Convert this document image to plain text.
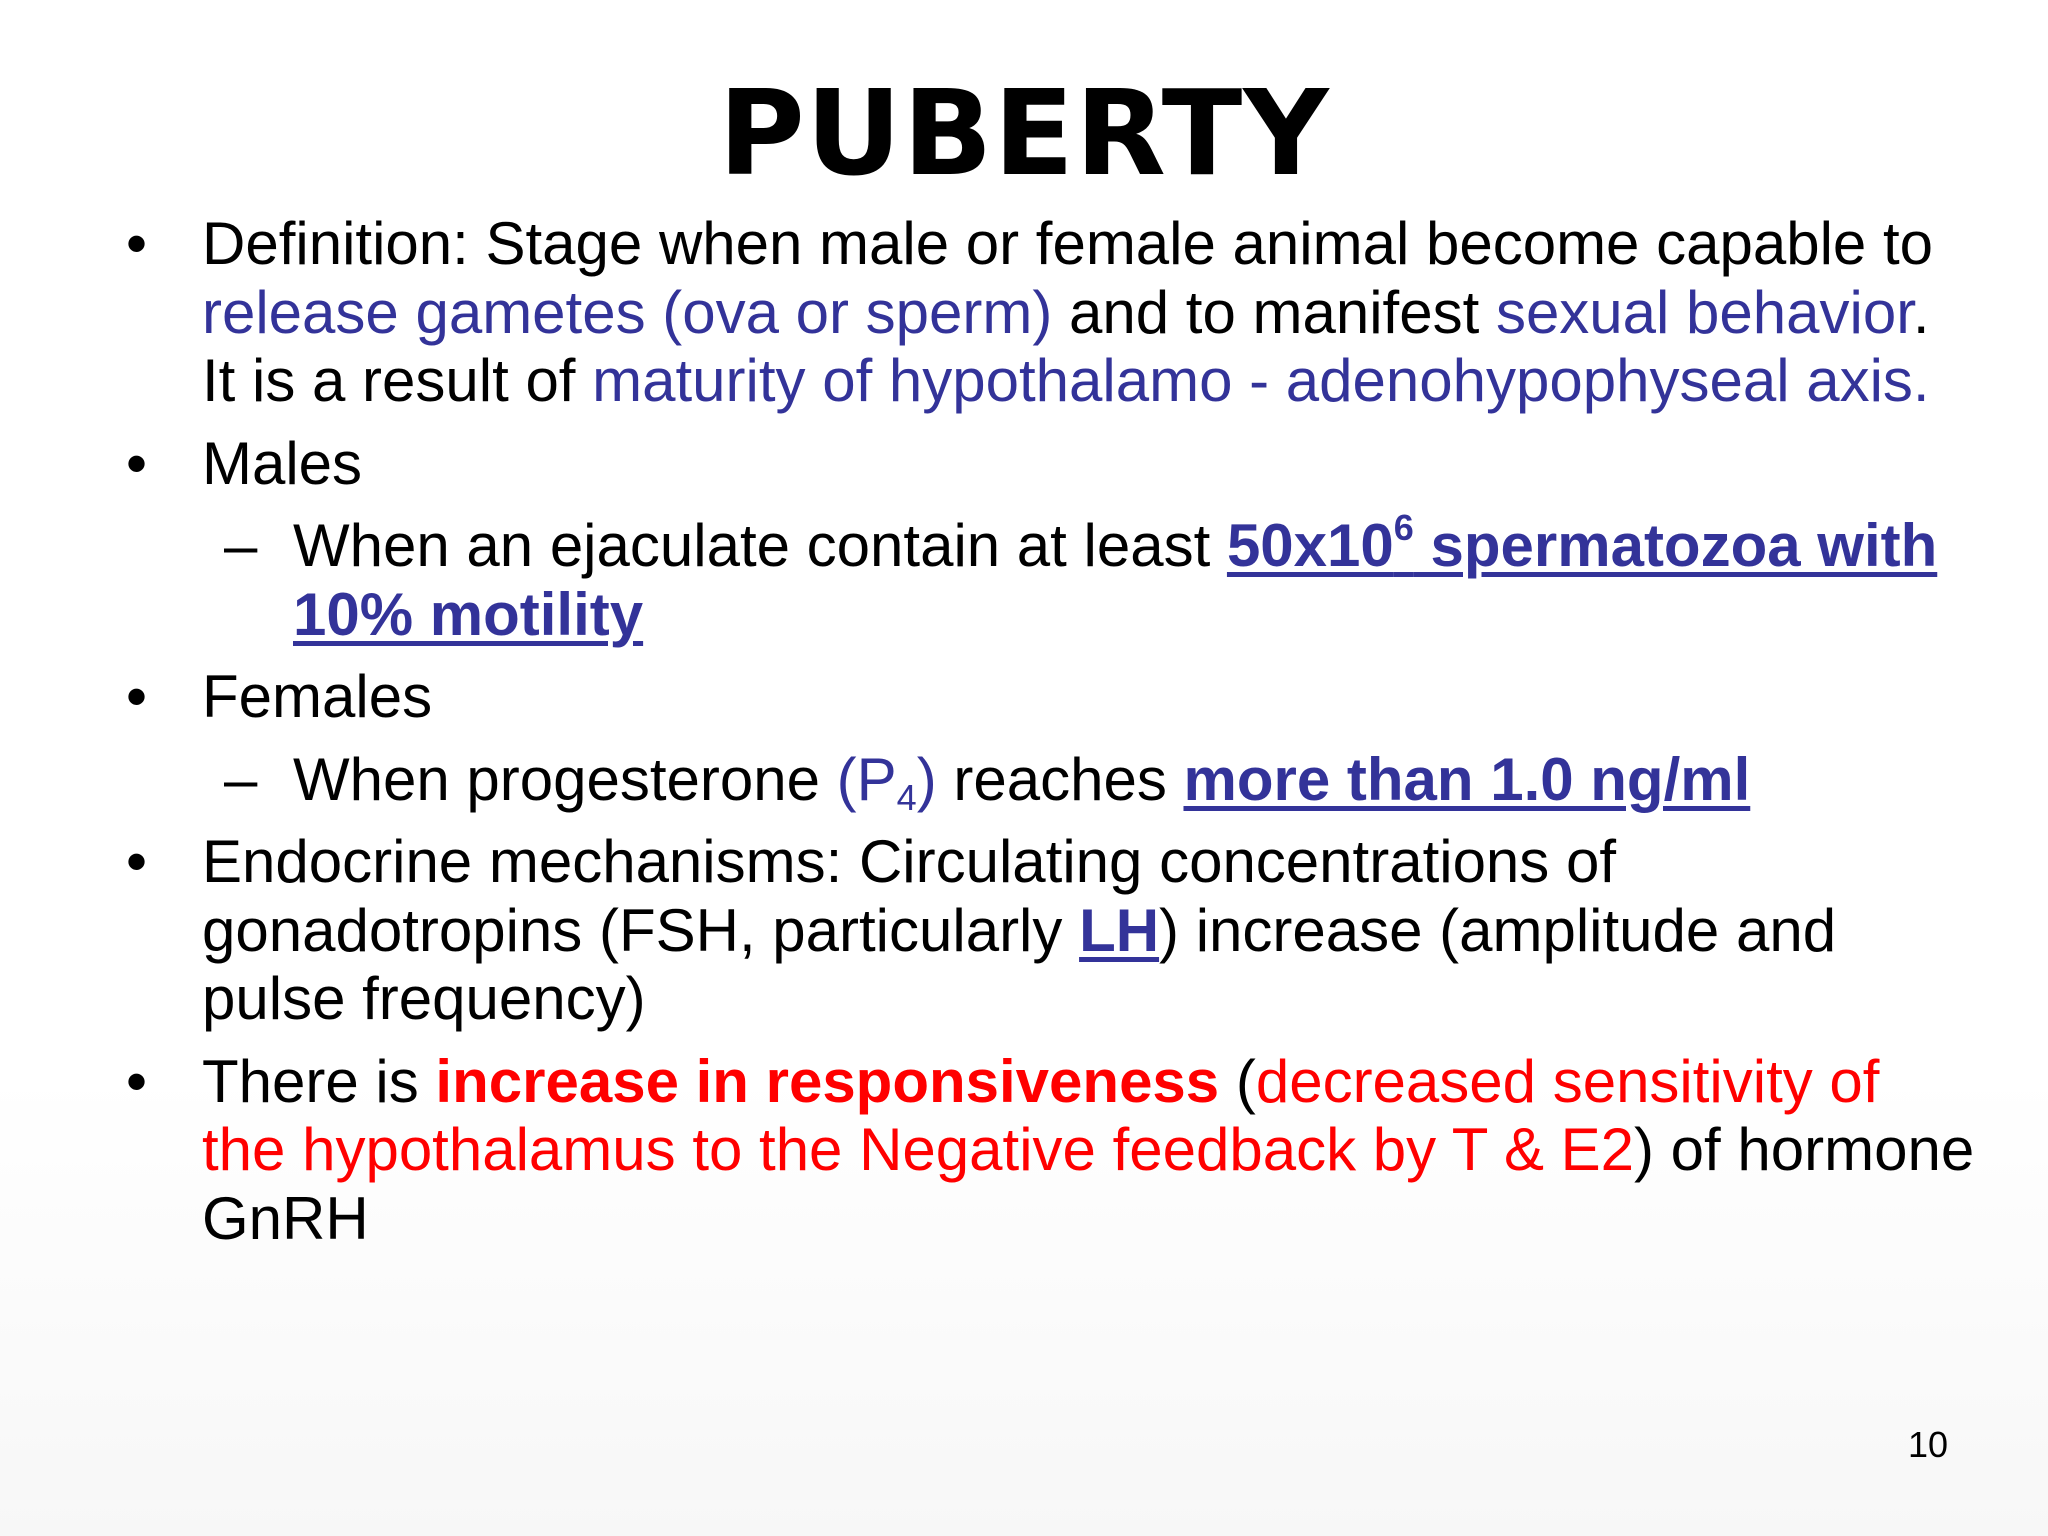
PUBERTY
• Definition: Stage when male or female animal become capable to release gametes (ova or sperm) and to manifest sexual behavior. It is a result of maturity of hypothalamo - adenohypophyseal axis.
• Males
– When an ejaculate contain at least $50x10^6$ spermatozoa with 10% motility
• Females
– When progesterone $(P_4)$ reaches more than 1.0 ng/ml
• Endocrine mechanisms: Circulating concentrations of gonadotropins (FSH, particularly LH) increase (amplitude and pulse frequency)
• There is increase in responsiveness (decreased sensitivity of the hypothalamus to the Negative feedback by T & E2) of hormone GnRH
10
